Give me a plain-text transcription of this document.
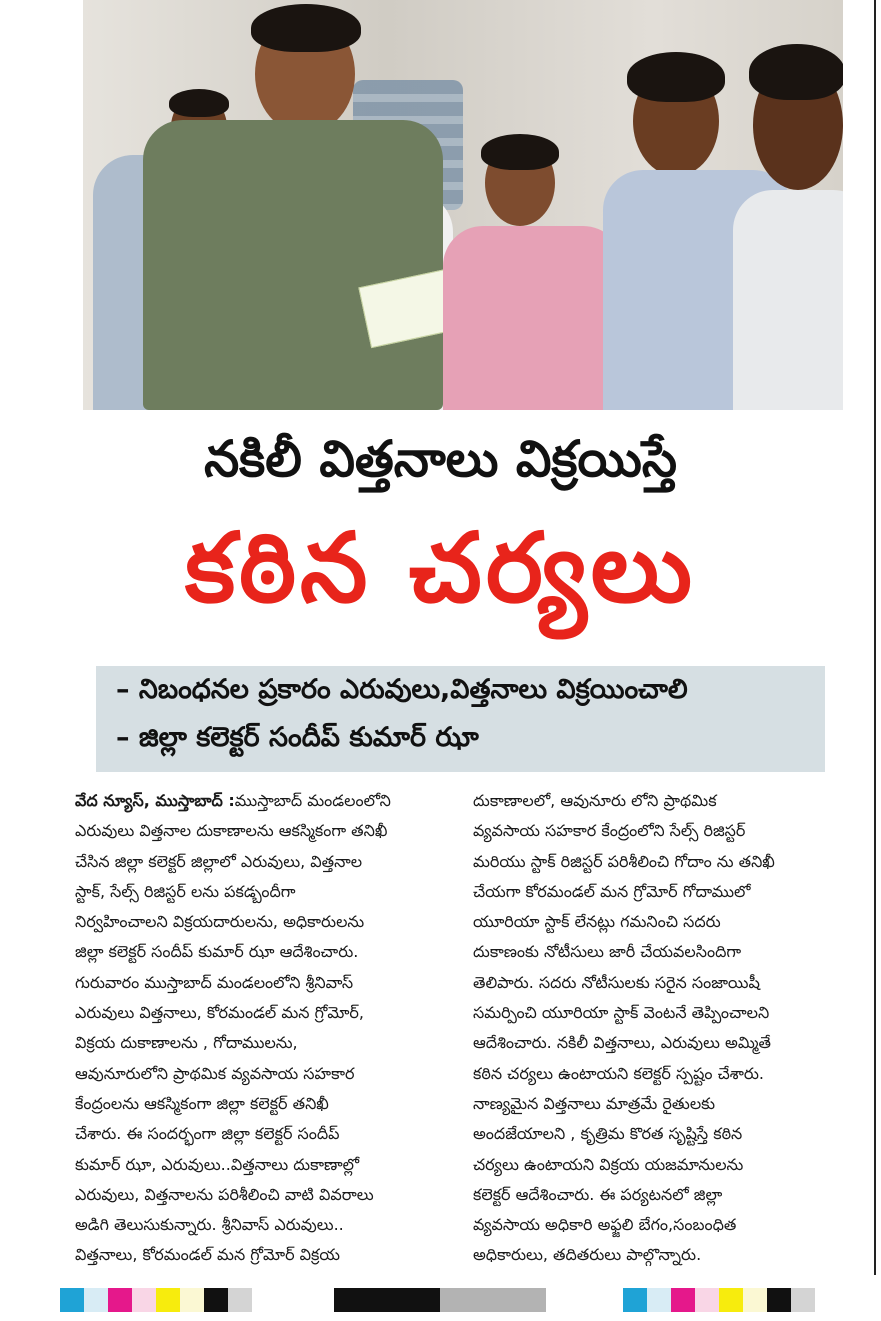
నకిలీ విత్తనాలు విక్రయిస్తే
కఠిన చర్యలు
– నిబంధనల ప్రకారం ఎరువులు,విత్తనాలు విక్రయించాలి
– జిల్లా కలెక్టర్ సందీప్ కుమార్ ఝా
వేద న్యూస్, ముస్తాబాద్ :ముస్తాబాద్ మండలంలోని
ఎరువులు విత్తనాల దుకాణాలను ఆకస్మికంగా తనిఖీ
చేసిన జిల్లా కలెక్టర్ జిల్లాలో ఎరువులు, విత్తనాల
స్టాక్, సేల్స్ రిజిస్టర్ లను పకడ్బందీగా
నిర్వహించాలని విక్రయదారులను, అధికారులను
జిల్లా కలెక్టర్ సందీప్ కుమార్ ఝా ఆదేశించారు.
గురువారం ముస్తాబాద్ మండలంలోని శ్రీనివాస్
ఎరువులు విత్తనాలు, కోరమండల్ మన గ్రోమోర్,
విక్రయ దుకాణాలను , గోదాములను,
ఆవునూరులోని ప్రాథమిక వ్యవసాయ సహకార
కేంద్రంలను ఆకస్మికంగా జిల్లా కలెక్టర్ తనిఖీ
చేశారు. ఈ సందర్భంగా జిల్లా కలెక్టర్ సందీప్
కుమార్ ఝా, ఎరువులు..విత్తనాలు దుకాణాల్లో
ఎరువులు, విత్తనాలను పరిశీలించి వాటి వివరాలు
అడిగి తెలుసుకున్నారు. శ్రీనివాస్ ఎరువులు..
విత్తనాలు, కోరమండల్ మన గ్రోమోర్ విక్రయ
దుకాణాలలో, ఆవునూరు లోని ప్రాథమిక
వ్యవసాయ సహకార కేంద్రంలోని సేల్స్ రిజిస్టర్
మరియు స్టాక్ రిజిస్టర్ పరిశీలించి గోదాం ను తనిఖీ
చేయగా కోరమండల్ మన గ్రోమోర్ గోదాములో
యూరియా స్టాక్ లేనట్లు గమనించి సదరు
దుకాణంకు నోటీసులు జారీ చేయవలసిందిగా
తెలిపారు. సదరు నోటీసులకు సరైన సంజాయిషీ
సమర్పించి యూరియా స్టాక్ వెంటనే తెప్పించాలని
ఆదేశించారు. నకిలీ విత్తనాలు, ఎరువులు అమ్మితే
కఠిన చర్యలు ఉంటాయని కలెక్టర్ స్పష్టం చేశారు.
నాణ్యమైన విత్తనాలు మాత్రమే రైతులకు
అందజేయాలని , కృత్రిమ కొరత సృష్టిస్తే కఠిన
చర్యలు ఉంటాయని విక్రయ యజమానులను
కలెక్టర్ ఆదేశించారు. ఈ పర్యటనలో జిల్లా
వ్యవసాయ అధికారి అఫ్జలి బేగం,సంబంధిత
అధికారులు, తదితరులు పాల్గొన్నారు.
